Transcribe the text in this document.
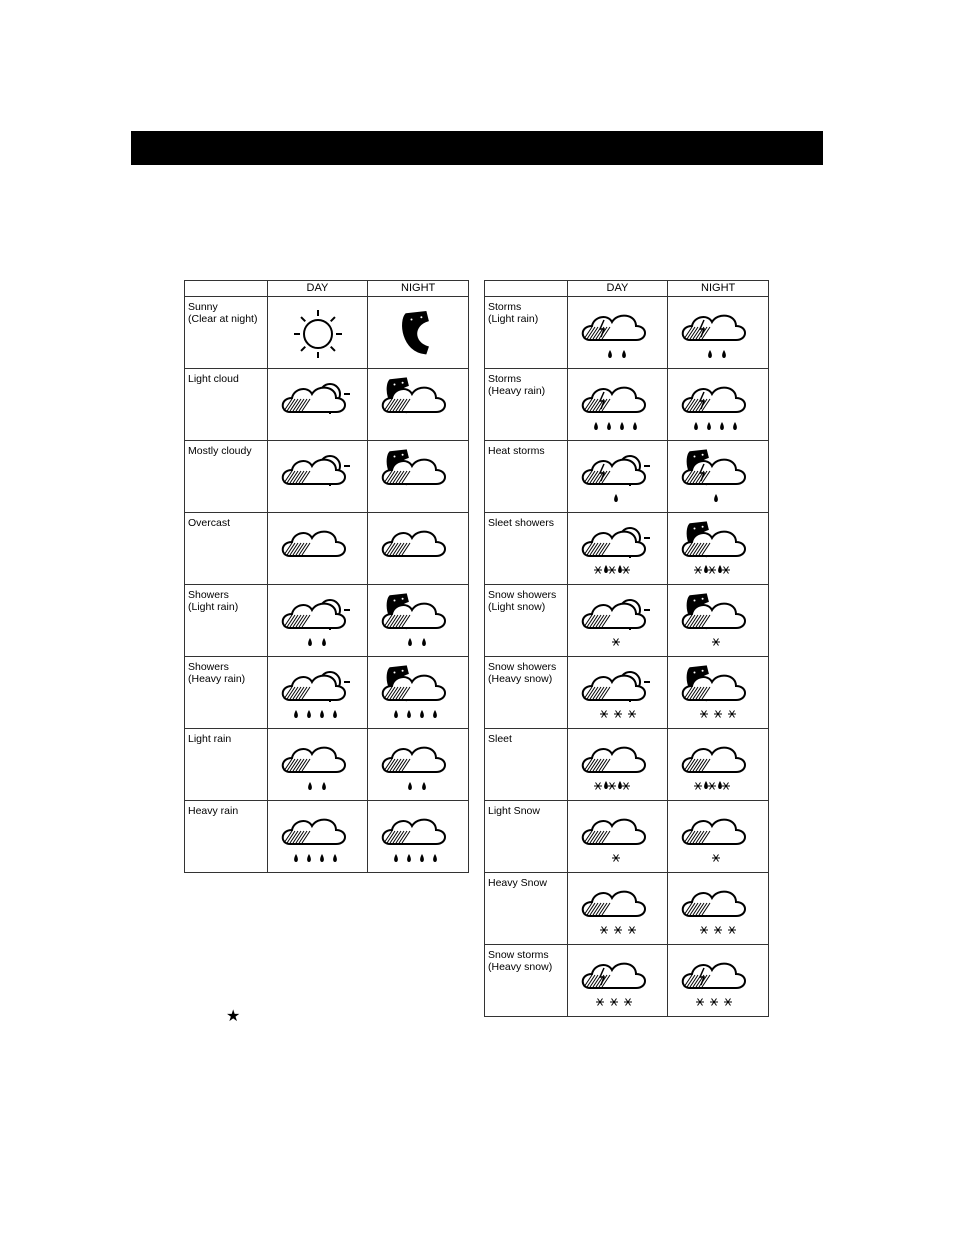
	DAY	NIGHT
Sunny
(Clear at night)	

Light cloud	

Mostly cloudy	

Overcast	

Showers
(Light rain)	

Showers
(Heavy rain)	

Light rain	

Heavy rain	

	DAY	NIGHT
Storms
(Light rain)	

Storms
(Heavy rain)	

Heat storms	

Sleet showers	

Snow showers
(Light snow)	

Snow showers
(Heavy snow)	

Sleet	

Light Snow	

Heavy Snow	

Snow storms
(Heavy snow)	

★
